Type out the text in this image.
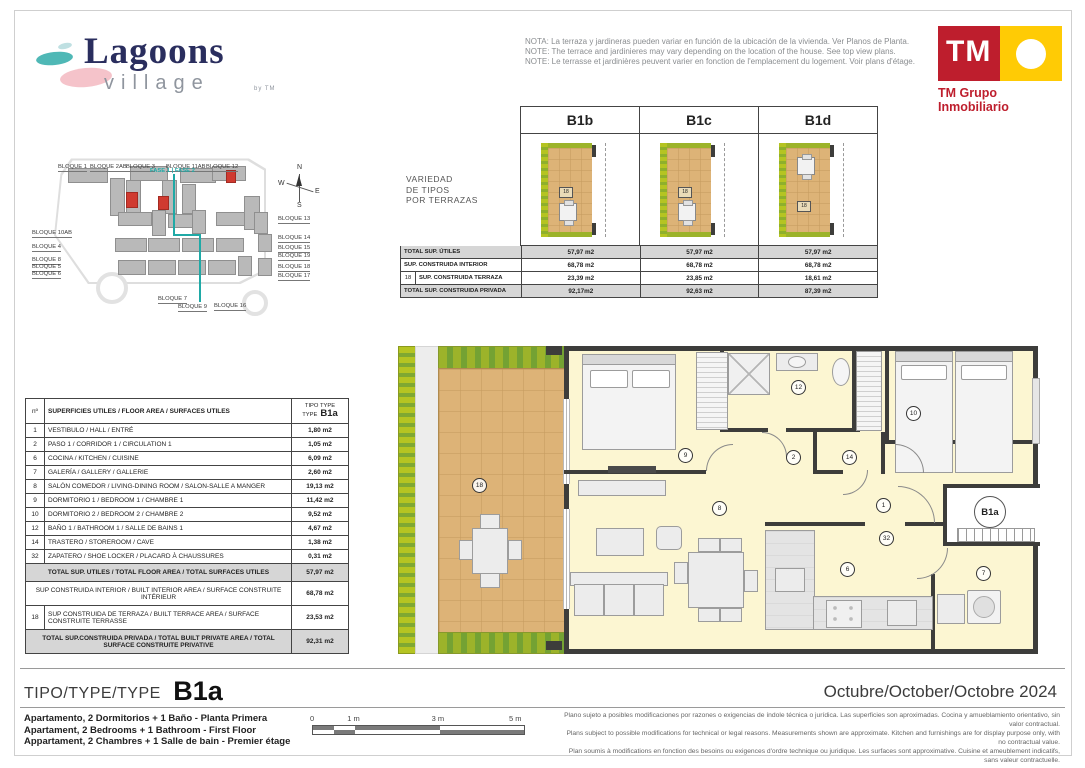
Lagoons
village	by TM
NOTA: La terraza y jardineras pueden variar en función de la ubicación de la vivienda. Ver Planos de Planta.
NOTE: The terrace and jardinieres may vary depending on the location of the house. See top view plans.
NOTE: Le terrasse et jardinières peuvent varier en fonction de l'emplacement du logement. Voir plans d'étage. TM
TM Grupo Inmobiliario
BLOQUE 1 BLOQUE 2AB BLOQUE 3 BLOQUE 11AB BLOQUE 12
BLOQUE 10AB
BLOQUE 4
BLOQUE 8
BLOQUE 5
BLOQUE 6
BLOQUE 13
BLOQUE 14
BLOQUE 15
BLOQUE 19
BLOQUE 18
BLOQUE 17
BLOQUE 7
BLOQUE 9 BLOQUE 16
FASE 1 | FASE 2	N
E
S
W
B1b	B1c	B1d
VARIEDAD
DE TIPOS
POR TERRAZAS
18	18
18
TOTAL SUP. ÚTILES	57,97 m2	57,97 m2	57,97 m2
SUP. CONSTRUIDA INTERIOR	68,78 m2	68,78 m2	68,78 m2
18	SUP. CONSTRUIDA TERRAZA	23,39 m2	23,85 m2	18,61 m2
TOTAL SUP. CONSTRUIDA PRIVADA	92,17m2	92,63 m2	87,39 m2
nº	SUPERFICIES UTILES / FLOOR AREA / SURFACES UTILES
TIPO TYPE
TYPE B1a
1	VESTIBULO / HALL / ENTRÉ	1,80 m2
2	PASO 1 / CORRIDOR 1 / CIRCULATION 1	1,05 m2
6	COCINA / KITCHEN / CUISINE	6,09 m2
7	GALERÍA / GALLERY / GALLERIE	2,60 m2
8	SALÓN COMEDOR / LIVING-DINING ROOM / SALON-SALLE A MANGER	19,13 m2
9	DORMITORIO 1 / BEDROOM 1 / CHAMBRE 1	11,42 m2
10	DORMITORIO 2 / BEDROOM 2 / CHAMBRE 2	9,52 m2
12	BAÑO 1 / BATHROOM 1 / SALLE DE BAINS 1	4,67 m2
14	TRASTERO / STOREROOM / CAVE	1,38 m2
32	ZAPATERO / SHOE LOCKER / PLACARD À CHAUSSURES	0,31 m2
TOTAL SUP. UTILES / TOTAL FLOOR AREA / TOTAL SURFACES UTILES	57,97 m2
SUP CONSTRUIDA INTERIOR / BUILT INTERIOR AREA / SURFACE CONSTRUITE INTÉRIEUR	68,78 m2
18	SUP CONSTRUIDA DE TERRAZA / BUILT TERRACE AREA / SURFACE CONSTRUITE TERRASSE	23,53 m2
TOTAL SUP.CONSTRUIDA PRIVADA / TOTAL BUILT PRIVATE AREA / TOTAL SURFACE CONSTRUITE PRIVATIVE	92,31 m2
18
9
8
12
2	14
10
1
32
6
7
B1a
TIPO/TYPE/TYPE B1a	Octubre/October/Octobre 2024
Apartamento, 2 Dormitorios + 1 Baño - Planta Primera
Apartament, 2 Bedrooms + 1 Bathroom - First Floor
Appartament, 2 Chambres + 1 Salle de bain - Premier étage
0	1 m	3 m	5 m	Plano sujeto a posibles modificaciones por razones o exigencias de índole técnica o jurídica. Las superficies son aproximadas. Cocina y amueblamiento orientativo, sin valor contractual.
Plans subject to possible modifications for technical or legal reasons. Measurements shown are approximate. Kitchen and furnishings are for display purpose only, with no contractual value.
Plan soumis à modifications en fonction des besoins ou exigences d'ordre technique ou juridique. Les surfaces sont approximative. Cuisine et ameublement indicatifs, sans valeur contractuelle.
